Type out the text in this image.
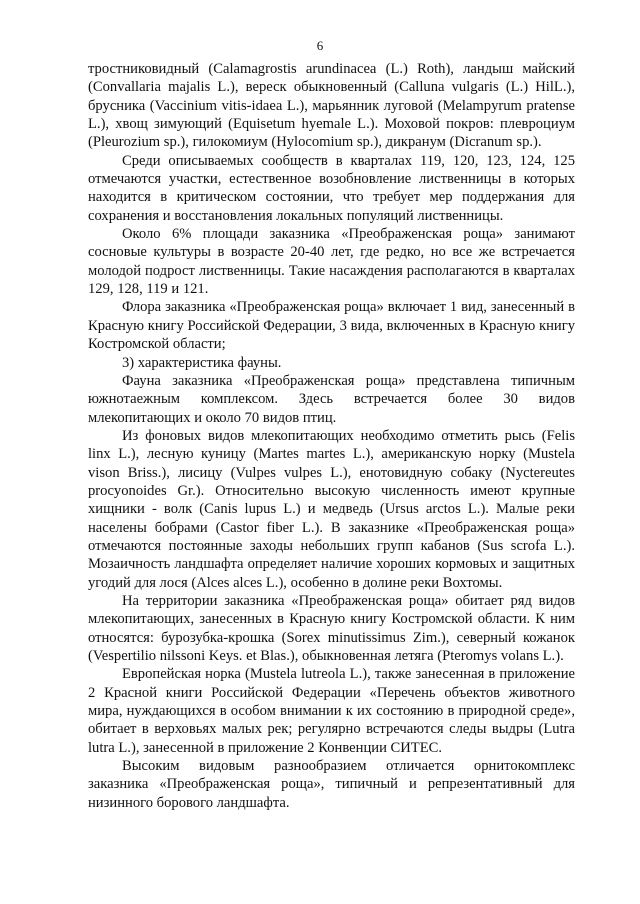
6

тростниковидный (Calamagrostis arundinacea (L.) Roth), ландыш майский (Convallaria majalis L.), вереск обыкновенный (Calluna vulgaris (L.) HilL.), брусника (Vaccinium vitis-idaea L.), марьянник луговой (Melampyrum pratense L.), хвощ зимующий (Equisetum hyemale L.). Моховой покров: плевроциум (Pleurozium sp.), гилокомиум (Hylocomium sp.), дикранум (Dicranum sp.).

Среди описываемых сообществ в кварталах 119, 120, 123, 124, 125 отмечаются участки, естественное возобновление лиственницы в которых находится в критическом состоянии, что требует мер поддержания для сохранения и восстановления локальных популяций лиственницы.

Около 6% площади заказника «Преображенская роща» занимают сосновые культуры в возрасте 20-40 лет, где редко, но все же встречается молодой подрост лиственницы. Такие насаждения располагаются в кварталах 129, 128, 119 и 121.

Флора заказника «Преображенская роща» включает 1 вид, занесенный в Красную книгу Российской Федерации, 3 вида, включенных в Красную книгу Костромской области;

3) характеристика фауны.

Фауна заказника «Преображенская роща» представлена типичным южнотаежным комплексом. Здесь встречается более 30 видов млекопитающих и около 70 видов птиц.

Из фоновых видов млекопитающих необходимо отметить рысь (Felis linx L.), лесную куницу (Martes martes L.), американскую норку (Mustela vison Briss.), лисицу (Vulpes vulpes L.), енотовидную собаку (Nyctereutes procyonoides Gr.). Относительно высокую численность имеют крупные хищники - волк (Canis lupus L.) и медведь (Ursus arctos L.). Малые реки населены бобрами (Castor fiber L.). В заказнике «Преображенская роща» отмечаются постоянные заходы небольших групп кабанов (Sus scrofa L.). Мозаичность ландшафта определяет наличие хороших кормовых и защитных угодий для лося (Alces alces L.), особенно в долине реки Вохтомы.

На территории заказника «Преображенская роща» обитает ряд видов млекопитающих, занесенных в Красную книгу Костромской области. К ним относятся: бурозубка-крошка (Sorex minutissimus Zim.), северный кожанок (Vespertilio nilssoni Keys. et Blas.), обыкновенная летяга (Pteromys volans L.).

Европейская норка (Mustela lutreola L.), также занесенная в приложение 2 Красной книги Российской Федерации «Перечень объектов животного мира, нуждающихся в особом внимании к их состоянию в природной среде», обитает в верховьях малых рек; регулярно встречаются следы выдры (Lutra lutra L.), занесенной в приложение 2 Конвенции СИТЕС.

Высоким видовым разнообразием отличается орнитокомплекс заказника «Преображенская роща», типичный и репрезентативный для низинного борового ландшафта.
